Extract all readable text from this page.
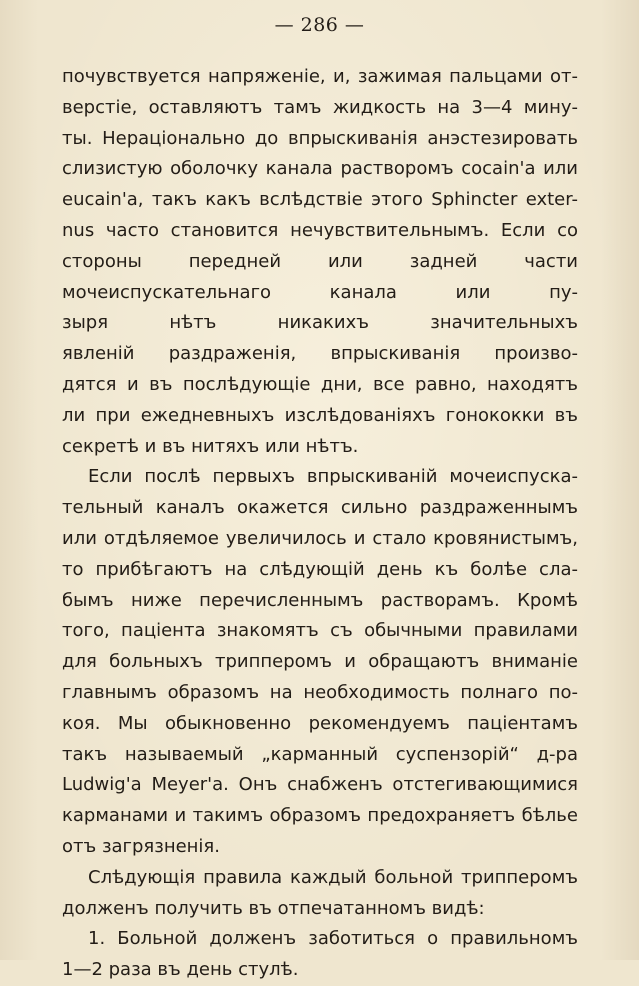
— 286 —
почувствуется напряженіе, и, зажимая пальцами от-
верстіе, оставляютъ тамъ жидкость на 3—4 мину-
ты. Нераціонально до впрыскиванія анэстезировать
слизистую оболочку канала растворомъ cocain'a или
eucain'a, такъ какъ вслѣдствіе этого Sphincter exter-
nus часто становится нечувствительнымъ. Если со
стороны передней или задней части
мочеиспускательнаго канала или пу-
зыря нѣтъ никакихъ значительныхъ
явленій раздраженія, впрыскиванія произво-
дятся и въ послѣдующіе дни, все равно, находятъ
ли при ежедневныхъ изслѣдованіяхъ гонококки въ
секретѣ и въ нитяхъ или нѣтъ.
Если послѣ первыхъ впрыскиваній мочеиспуска-
тельный каналъ окажется сильно раздраженнымъ
или отдѣляемое увеличилось и стало кровянистымъ,
то прибѣгаютъ на слѣдующій день къ болѣе сла-
бымъ ниже перечисленнымъ растворамъ. Кромѣ
того, пацiента знакомятъ съ обычными правилами
для больныхъ трипперомъ и обращаютъ вниманіе
главнымъ образомъ на необходимость полнаго по-
коя. Мы обыкновенно рекомендуемъ пацiентамъ
такъ называемый „карманный суспензорій“ д-ра
Ludwig'a Meyer'a. Онъ снабженъ отстегивающимися
карманами и такимъ образомъ предохраняетъ бѣлье
отъ загрязненія.
Слѣдующія правила каждый больной трипперомъ
долженъ получить въ отпечатанномъ видѣ:
1. Больной долженъ заботиться о правильномъ
1—2 раза въ день стулѣ.
